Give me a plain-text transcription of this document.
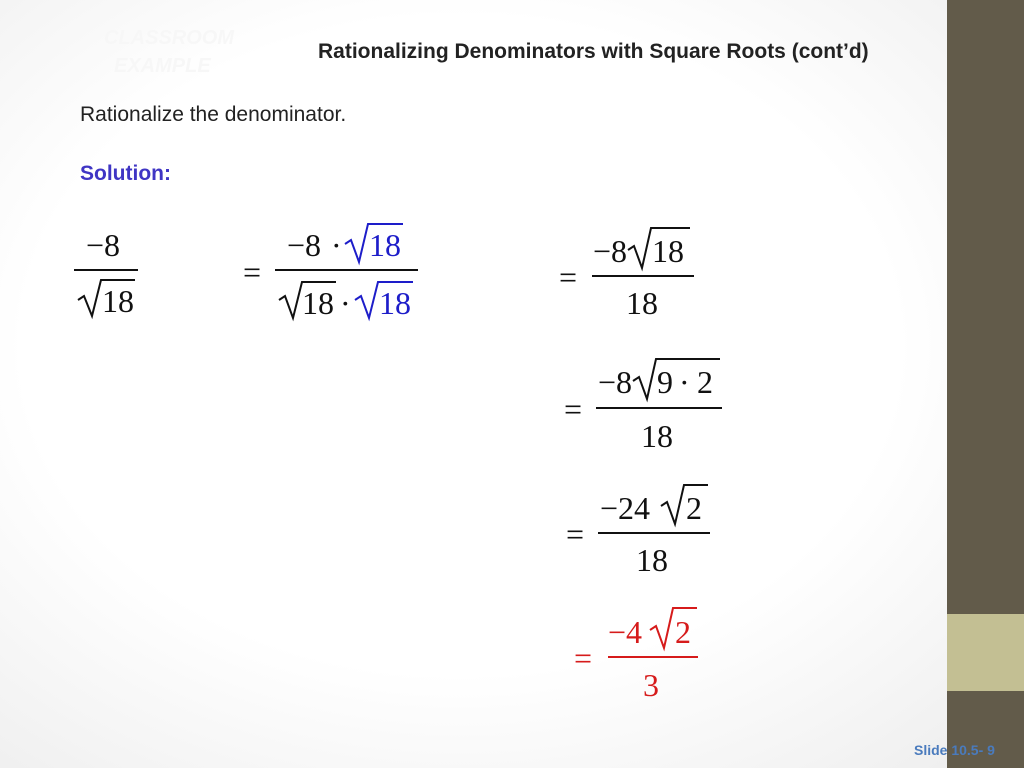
CLASSROOM
EXAMPLE
Rationalizing Denominators with Square Roots (cont’d)
Rationalize the denominator.
Solution:
−8
18
=
−8 · 18
18 · 18
=
−8 18
18
=
−8 9 · 2
18
=
−24 2
18
=
−4 2
3
Slide 10.5- 9
